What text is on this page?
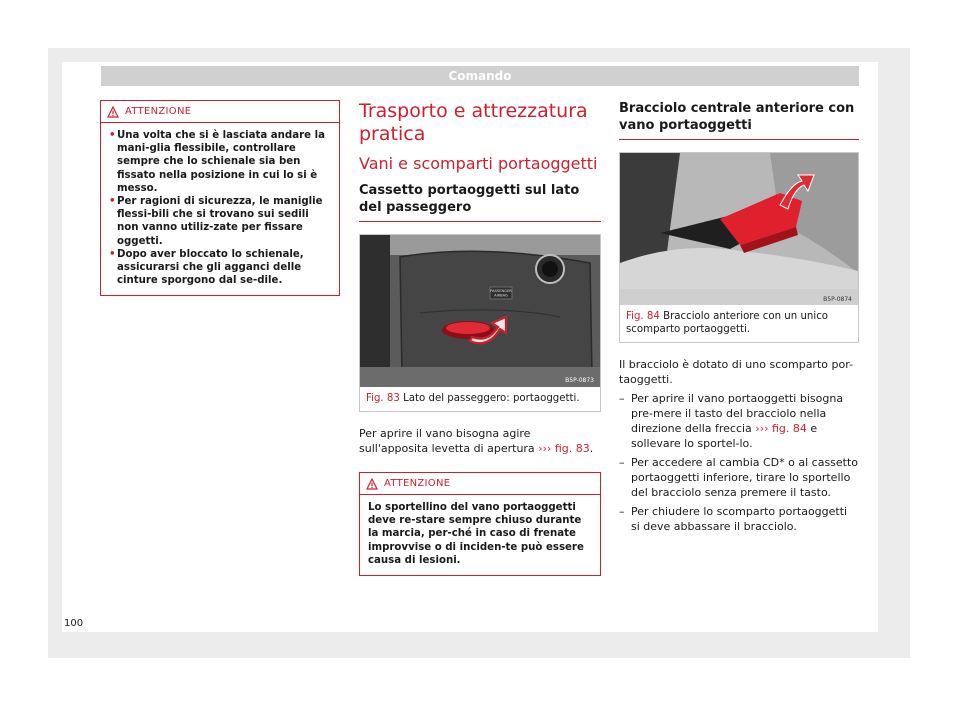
Comando
ATTENZIONE
• Una volta che si è lasciata andare la mani-glia flessibile, controllare sempre che lo schienale sia ben fissato nella posizione in cui lo si è messo.
• Per ragioni di sicurezza, le maniglie flessi-bili che si trovano sui sedili non vanno utiliz-zate per fissare oggetti.
• Dopo aver bloccato lo schienale, assicurarsi che gli agganci delle cinture sporgono dal se-dile.
Trasporto e attrezzatura
pratica
Vani e scomparti portaoggetti
Cassetto portaoggetti sul lato del passeggero
PASSENGER
AIRBAG
B5P-0873
Fig. 83 Lato del passeggero: portaoggetti.
Per aprire il vano bisogna agire sull'apposita levetta di apertura ››› fig. 83.
ATTENZIONE
Lo sportellino del vano portaoggetti deve re-stare sempre chiuso durante la marcia, per-ché in caso di frenate improvvise o di inciden-te può essere causa di lesioni.
Bracciolo centrale anteriore con vano portaoggetti
B5P-0874
Fig. 84 Bracciolo anteriore con un unico scomparto portaoggetti.
Il bracciolo è dotato di uno scomparto por-taoggetti.
– Per aprire il vano portaoggetti bisogna pre-mere il tasto del bracciolo nella direzione della freccia ››› fig. 84 e sollevare lo sportel-lo.
– Per accedere al cambia CD* o al cassetto portaoggetti inferiore, tirare lo sportello del bracciolo senza premere il tasto.
– Per chiudere lo scomparto portaoggetti si deve abbassare il bracciolo.
100
